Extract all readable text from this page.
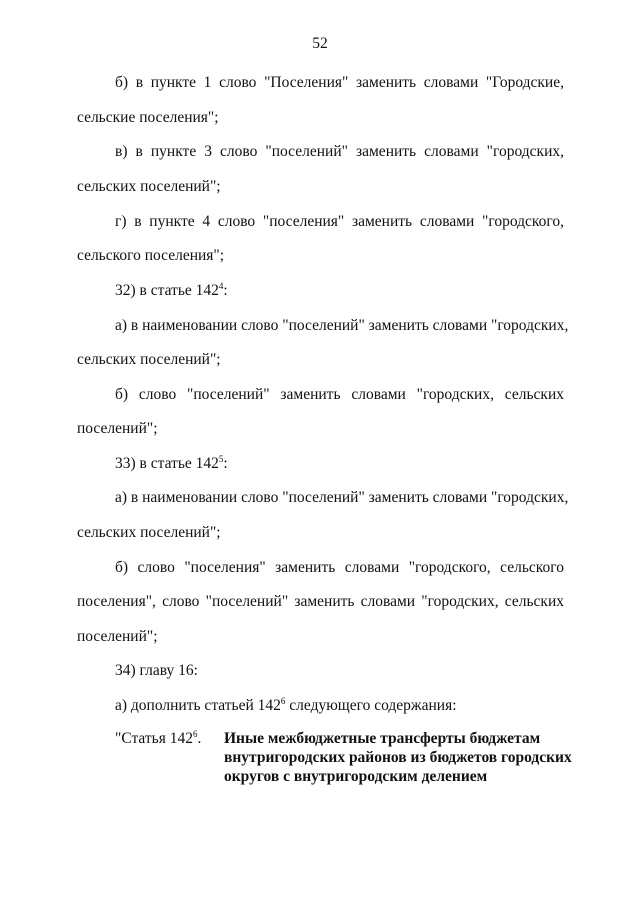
52
б) в пункте 1 слово "Поселения" заменить словами "Городские,
сельские поселения";
в) в пункте 3 слово "поселений" заменить словами "городских,
сельских поселений";
г) в пункте 4 слово "поселения" заменить словами "городского,
сельского поселения";
32) в статье $142^4$:
а) в наименовании слово "поселений" заменить словами "городских,
сельских поселений";
б) слово "поселений" заменить словами "городских, сельских
поселений";
33) в статье $142^5$:
а) в наименовании слово "поселений" заменить словами "городских,
сельских поселений";
б) слово "поселения" заменить словами "городского, сельского
поселения", слово "поселений" заменить словами "городских, сельских
поселений";
34) главу 16:
а) дополнить статьей $142^6$ следующего содержания:
"Статья $142^6$. Иные межбюджетные трансферты бюджетам
внутригородских районов из бюджетов городских
округов с внутригородским делением
